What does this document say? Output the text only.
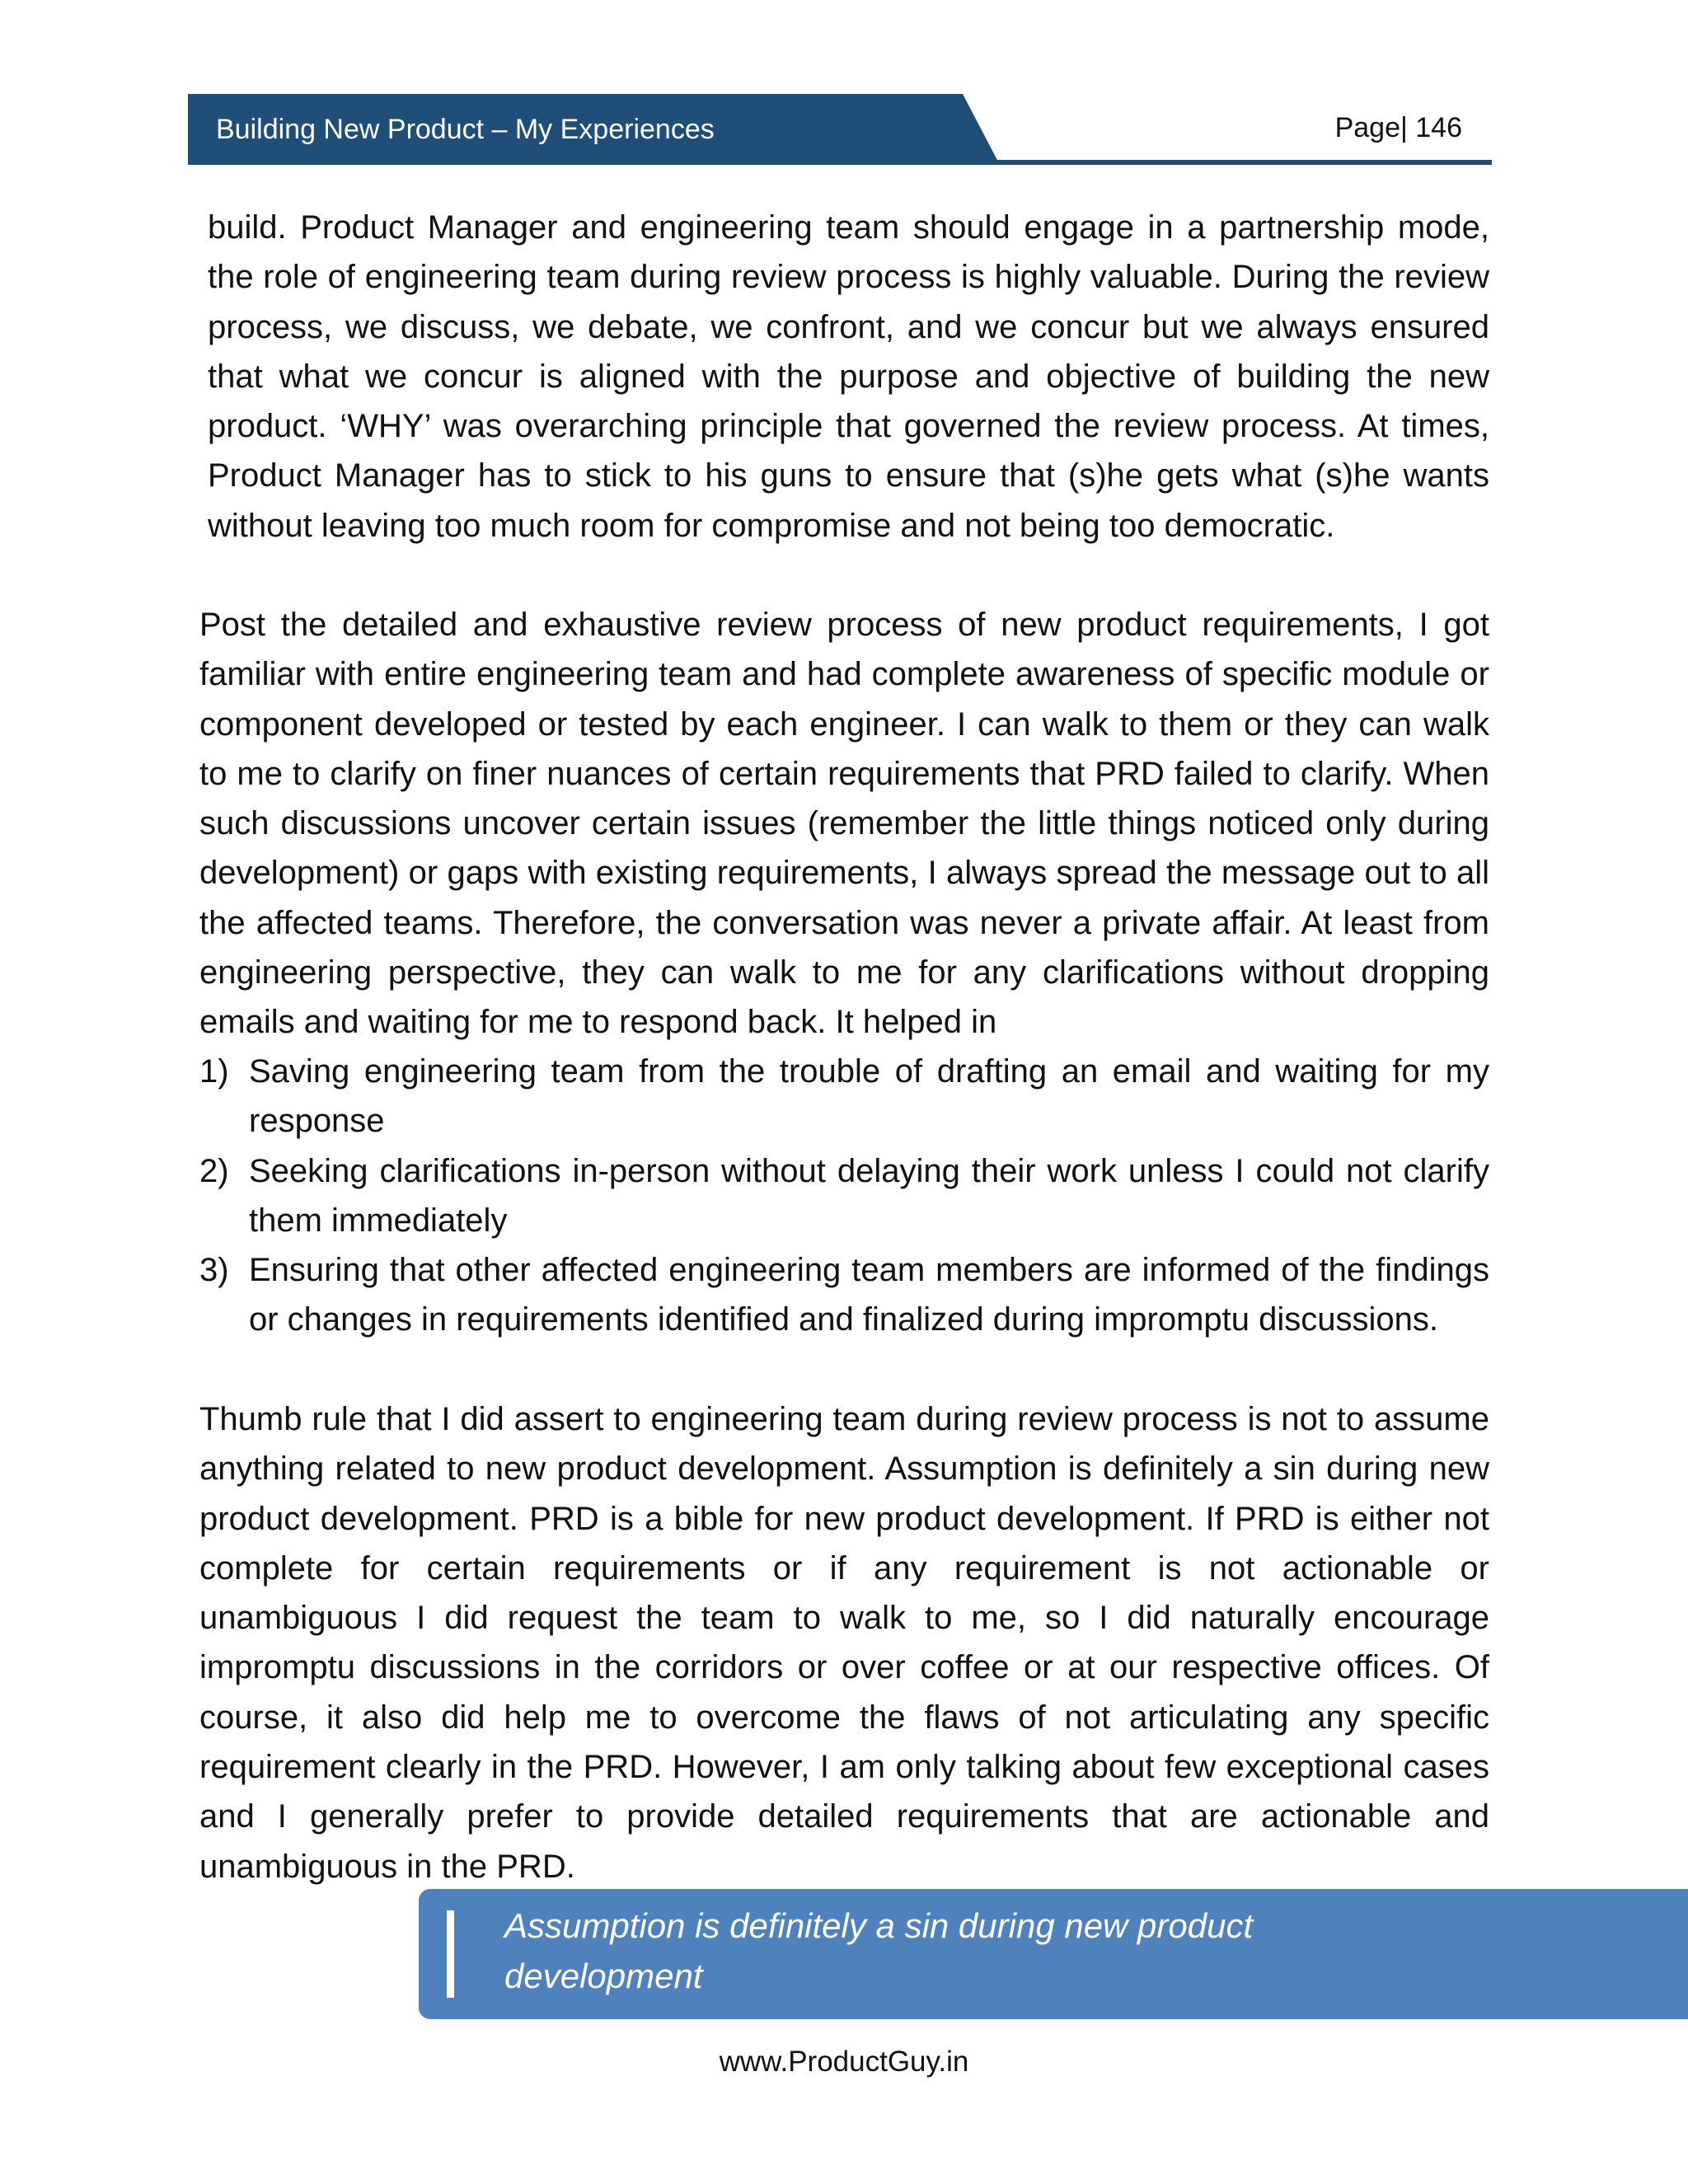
Building New Product – My Experiences	Page| 146
build. Product Manager and engineering team should engage in a partnership mode, the role of engineering team during review process is highly valuable. During the review process, we discuss, we debate, we confront, and we concur but we always ensured that what we concur is aligned with the purpose and objective of building the new product. ‘WHY’ was overarching principle that governed the review process. At times, Product Manager has to stick to his guns to ensure that (s)he gets what (s)he wants without leaving too much room for compromise and not being too democratic.
Post the detailed and exhaustive review process of new product requirements, I got familiar with entire engineering team and had complete awareness of specific module or component developed or tested by each engineer. I can walk to them or they can walk to me to clarify on finer nuances of certain requirements that PRD failed to clarify. When such discussions uncover certain issues (remember the little things noticed only during development) or gaps with existing requirements, I always spread the message out to all the affected teams. Therefore, the conversation was never a private affair. At least from engineering perspective, they can walk to me for any clarifications without dropping emails and waiting for me to respond back. It helped in
1) Saving engineering team from the trouble of drafting an email and waiting for my response
2) Seeking clarifications in-person without delaying their work unless I could not clarify them immediately
3) Ensuring that other affected engineering team members are informed of the findings or changes in requirements identified and finalized during impromptu discussions.
Thumb rule that I did assert to engineering team during review process is not to assume anything related to new product development. Assumption is definitely a sin during new product development. PRD is a bible for new product development. If PRD is either not complete for certain requirements or if any requirement is not actionable or unambiguous I did request the team to walk to me, so I did naturally encourage impromptu discussions in the corridors or over coffee or at our respective offices. Of course, it also did help me to overcome the flaws of not articulating any specific requirement clearly in the PRD. However, I am only talking about few exceptional cases and I generally prefer to provide detailed requirements that are actionable and unambiguous in the PRD.
Assumption is definitely a sin during new product development
www.ProductGuy.in
